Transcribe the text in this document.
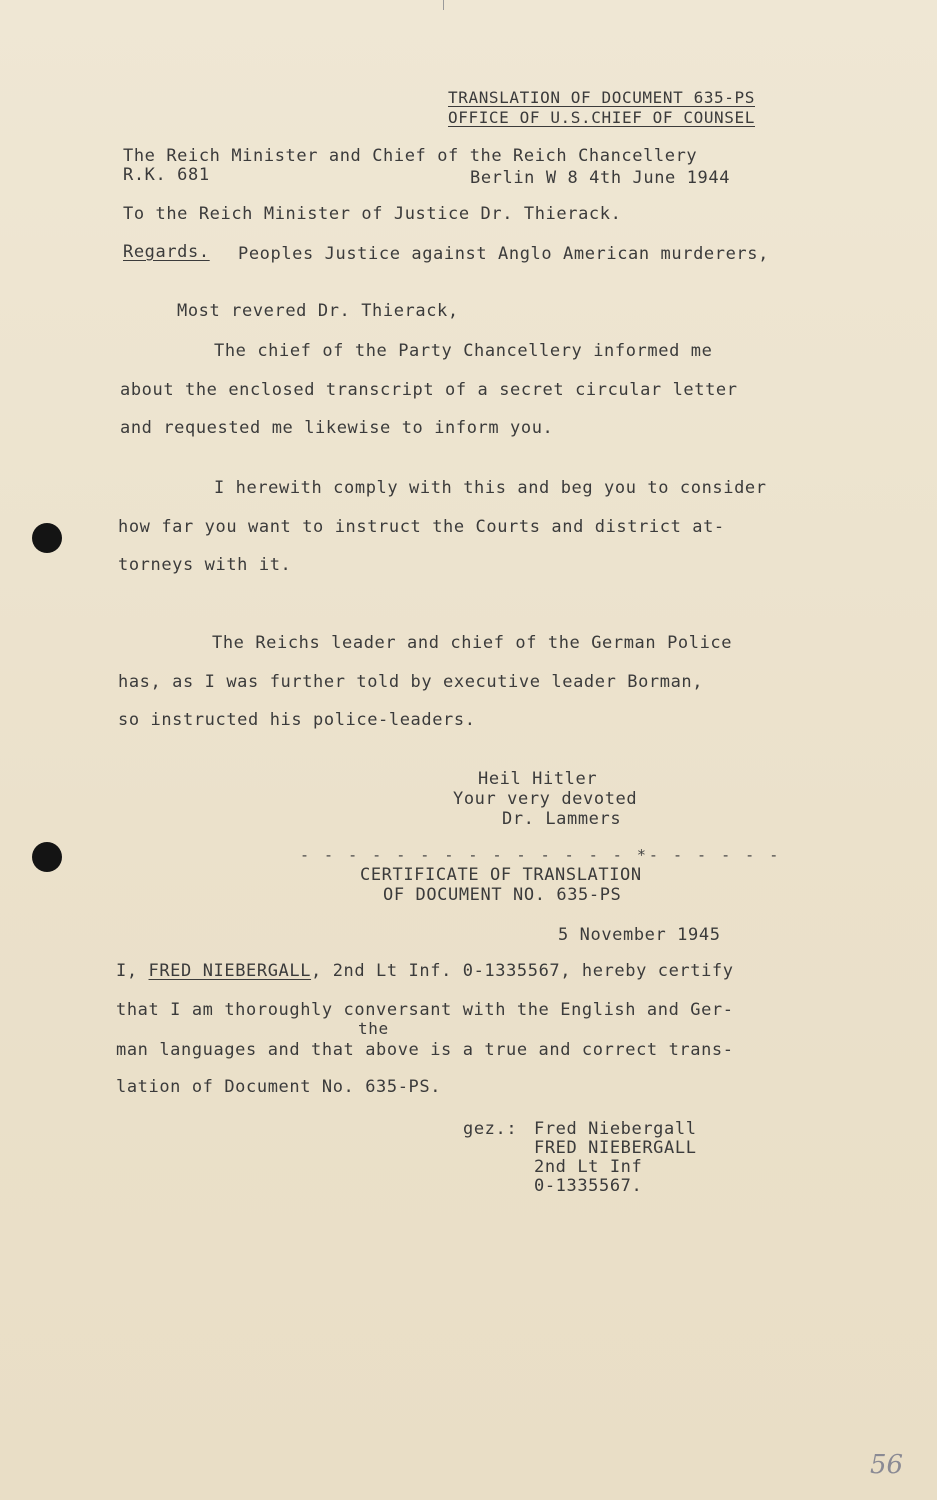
TRANSLATION OF DOCUMENT 635-PS
OFFICE OF U.S.CHIEF OF COUNSEL
The Reich Minister and Chief of the Reich Chancellery
R.K. 681	Berlin W 8 4th June 1944
To the Reich Minister of Justice Dr. Thierack.
Regards. Peoples Justice against Anglo American murderers,
Most revered Dr. Thierack,
The chief of the Party Chancellery informed me
about the enclosed transcript of a secret circular letter
and requested me likewise to inform you.
I herewith comply with this and beg you to consider
how far you want to instruct the Courts and district at-
torneys with it.
The Reichs leader and chief of the German Police
has, as I was further told by executive leader Borman,
so instructed his police-leaders.
Heil Hitler
Your very devoted
Dr. Lammers
- - - - - - - - - - - - - - *- - - - - -
CERTIFICATE OF TRANSLATION
OF DOCUMENT NO. 635-PS
5 November 1945
I, FRED NIEBERGALL, 2nd Lt Inf. 0-1335567, hereby certify
that I am thoroughly conversant with the English and Ger-
the
man languages and that above is a true and correct trans-
lation of Document No. 635-PS.
gez.: Fred Niebergall
FRED NIEBERGALL
2nd Lt Inf
0-1335567.
56
